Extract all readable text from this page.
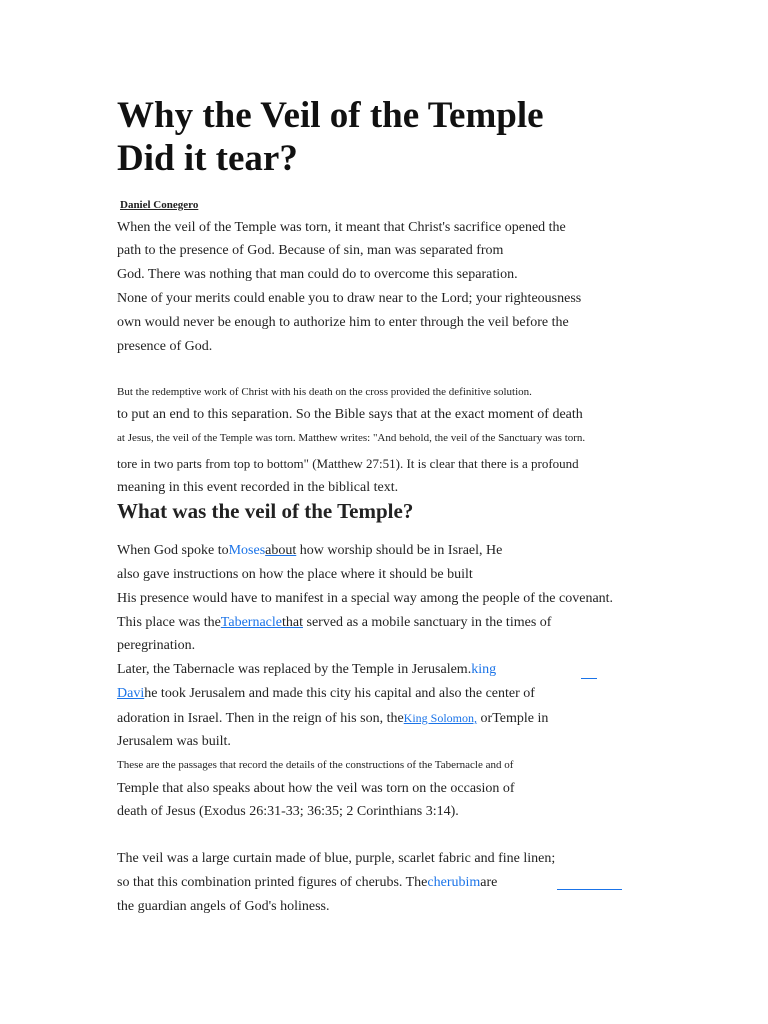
Why the Veil of the Temple
Did it tear?
Daniel Conegero
When the veil of the Temple was torn, it meant that Christ's sacrifice opened the
path to the presence of God. Because of sin, man was separated from
God. There was nothing that man could do to overcome this separation.
None of your merits could enable you to draw near to the Lord; your righteousness
own would never be enough to authorize him to enter through the veil before the
presence of God.
But the redemptive work of Christ with his death on the cross provided the definitive solution.
to put an end to this separation. So the Bible says that at the exact moment of death
at Jesus, the veil of the Temple was torn. Matthew writes: "And behold, the veil of the Sanctuary was torn.
tore in two parts from top to bottom" (Matthew 27:51). It is clear that there is a profound
meaning in this event recorded in the biblical text.
What was the veil of the Temple?
When God spoke toMosesabout how worship should be in Israel, He
also gave instructions on how the place where it should be built
His presence would have to manifest in a special way among the people of the covenant.
This place was theTabernaclethat served as a mobile sanctuary in the times of
peregrination.
Later, the Tabernacle was replaced by the Temple in Jerusalem.king
Davihe took Jerusalem and made this city his capital and also the center of
adoration in Israel. Then in the reign of his son, theKing Solomon, orTemple in
Jerusalem was built.
These are the passages that record the details of the constructions of the Tabernacle and of
Temple that also speaks about how the veil was torn on the occasion of
death of Jesus (Exodus 26:31-33; 36:35; 2 Corinthians 3:14).
The veil was a large curtain made of blue, purple, scarlet fabric and fine linen;
so that this combination printed figures of cherubs. Thecherubimare
the guardian angels of God's holiness.
